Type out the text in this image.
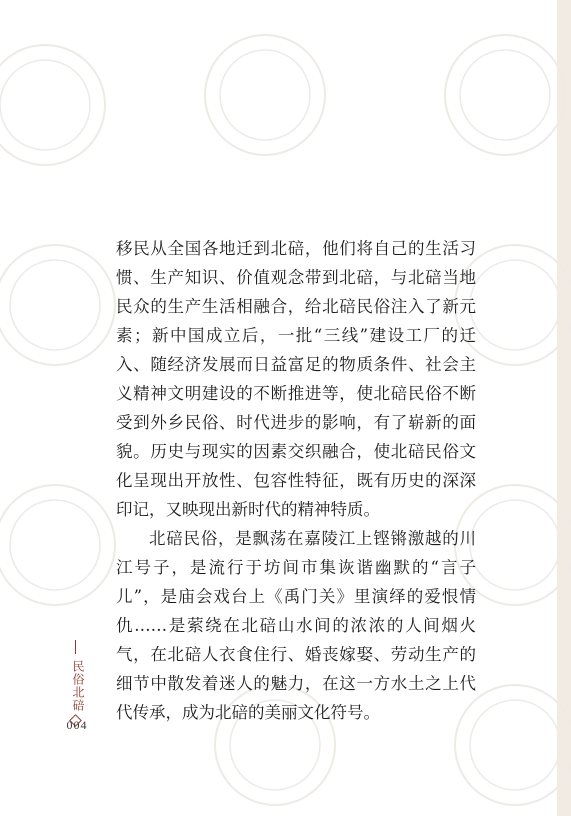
移民从全国各地迁到北碚，他们将自己的生活习惯、生产知识、价值观念带到北碚，与北碚当地民众的生产生活相融合，给北碚民俗注入了新元素；新中国成立后，一批“三线”建设工厂的迁入、随经济发展而日益富足的物质条件、社会主义精神文明建设的不断推进等，使北碚民俗不断受到外乡民俗、时代进步的影响，有了崭新的面貌。历史与现实的因素交织融合，使北碚民俗文化呈现出开放性、包容性特征，既有历史的深深印记，又映现出新时代的精神特质。

北碚民俗，是飘荡在嘉陵江上铿锵激越的川江号子，是流行于坊间市集诙谐幽默的“言子儿”，是庙会戏台上《禹门关》里演绎的爱恨情仇……是萦绕在北碚山水间的浓浓的人间烟火气，在北碚人衣食住行、婚丧嫁娶、劳动生产的细节中散发着迷人的魅力，在这一方水土之上代代传承，成为北碚的美丽文化符号。

民俗北碚
004
